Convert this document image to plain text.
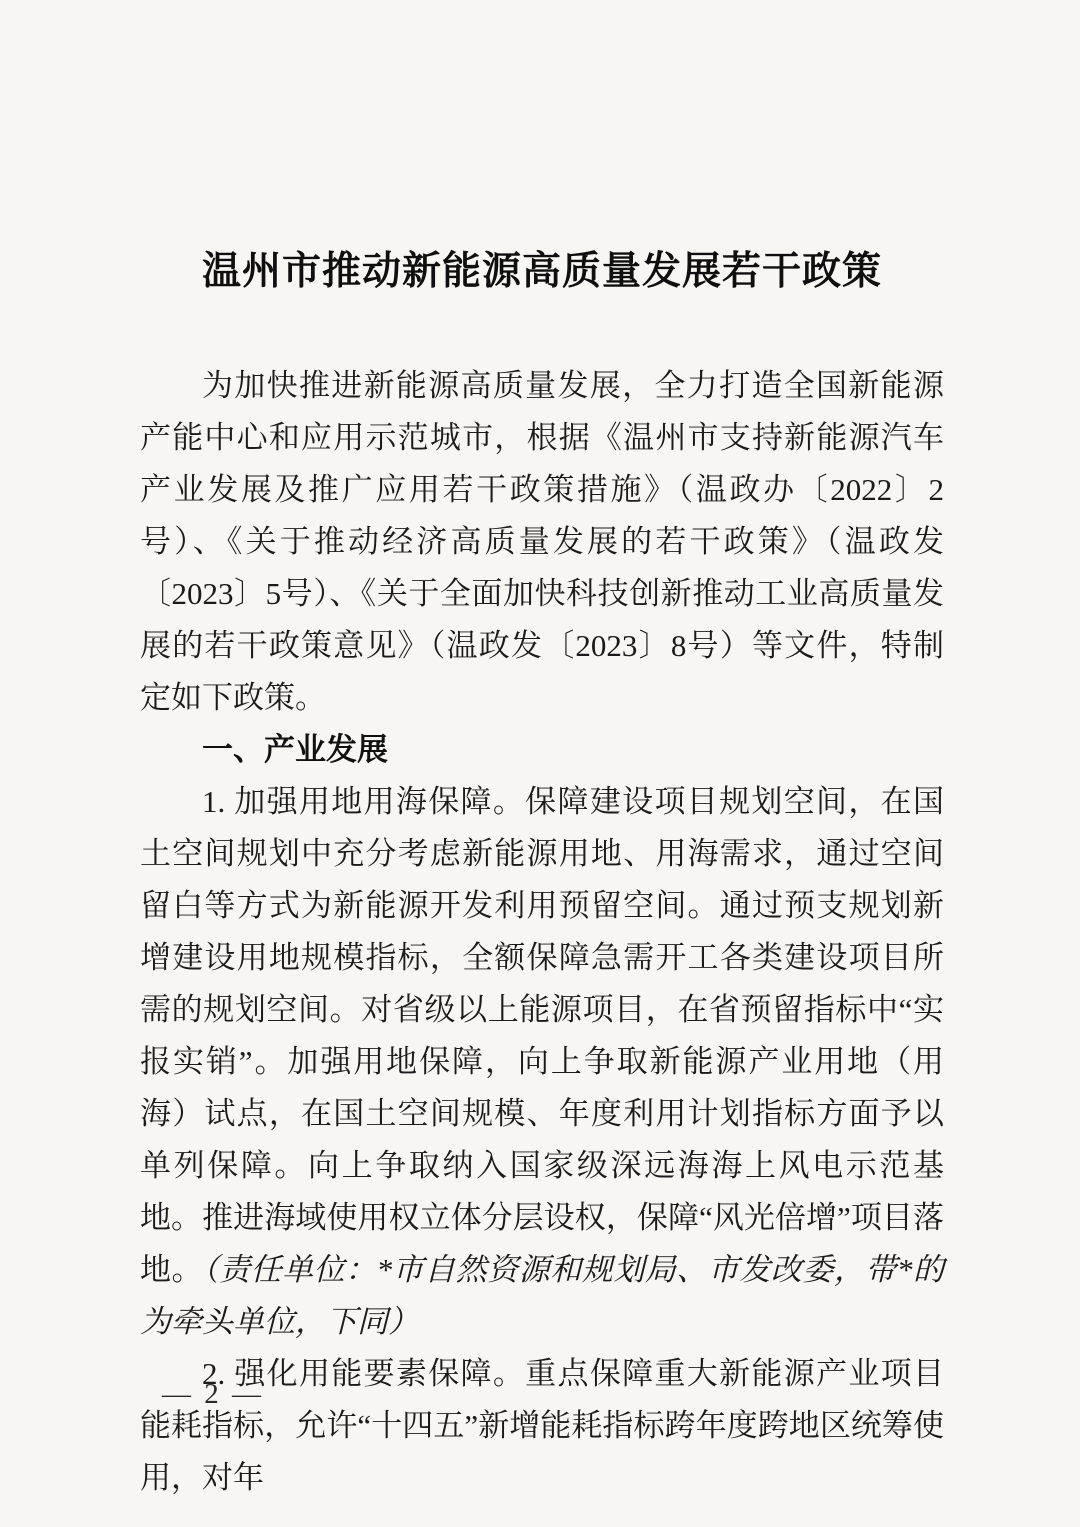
温州市推动新能源高质量发展若干政策

为加快推进新能源高质量发展，全力打造全国新能源产能中心和应用示范城市，根据《温州市支持新能源汽车产业发展及推广应用若干政策措施》（温政办〔2022〕2号）、《关于推动经济高质量发展的若干政策》（温政发〔2023〕5号）、《关于全面加快科技创新推动工业高质量发展的若干政策意见》（温政发〔2023〕8号）等文件，特制定如下政策。

一、产业发展

1. 加强用地用海保障。保障建设项目规划空间，在国土空间规划中充分考虑新能源用地、用海需求，通过空间留白等方式为新能源开发利用预留空间。通过预支规划新增建设用地规模指标，全额保障急需开工各类建设项目所需的规划空间。对省级以上能源项目，在省预留指标中“实报实销”。加强用地保障，向上争取新能源产业用地（用海）试点，在国土空间规模、年度利用计划指标方面予以单列保障。向上争取纳入国家级深远海海上风电示范基地。推进海域使用权立体分层设权，保障“风光倍增”项目落地。（责任单位：*市自然资源和规划局、市发改委，带*的为牵头单位，下同）

2. 强化用能要素保障。重点保障重大新能源产业项目能耗指标，允许“十四五”新增能耗指标跨年度跨地区统筹使用，对年

— 2 —
